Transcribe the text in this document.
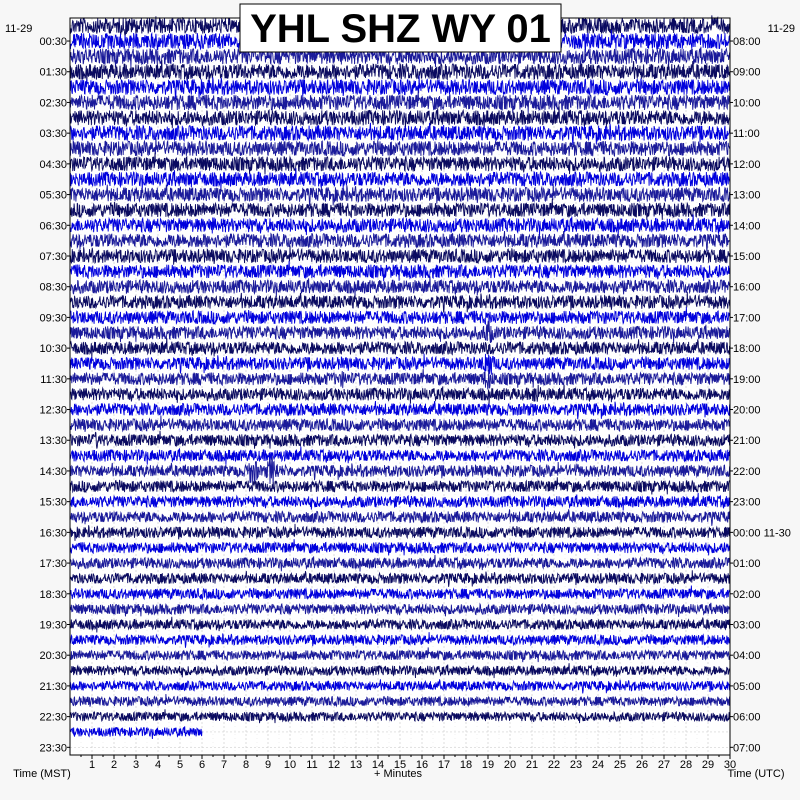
1 2 3 4 5 6 7 8 9 10 11 12 13 14 15 16 17 18 19 20 21 22 23 24 25 26 27 28 29 30
00:30
01:30
02:30
03:30
04:30
05:30
06:30
07:30
08:30
09:30
10:30
11:30
12:30
13:30
14:30
15:30
16:30
17:30
18:30
19:30
20:30
21:30
22:30
23:30
08:00
09:00
10:00
11:00
12:00
13:00
14:00
15:00
16:00
17:00
18:00
19:00
20:00
21:00
22:00
23:00
00:00 11-30
01:00
02:00
03:00
04:00
05:00
06:00
07:00
11-29	11-29
Time (MST)	+ Minutes	Time (UTC)
YHL SHZ WY 01
